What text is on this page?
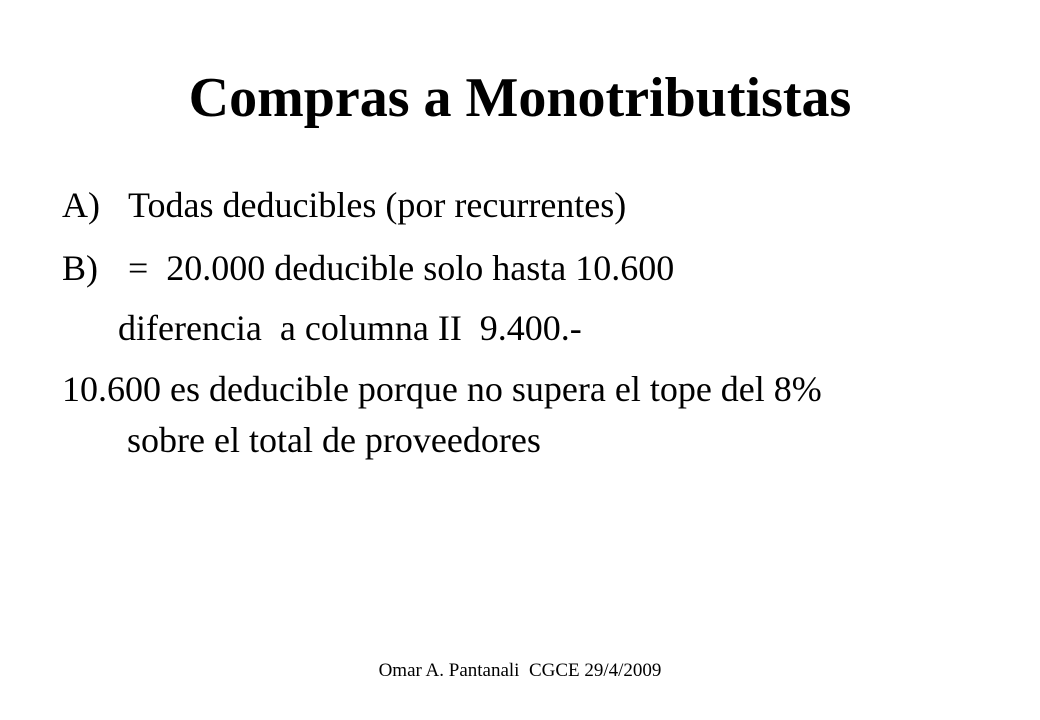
Compras a Monotributistas
A) Todas deducibles (por recurrentes)
B) =  20.000 deducible solo hasta 10.600
diferencia  a columna II  9.400.-
10.600 es deducible porque no supera el tope del 8%
sobre el total de proveedores
Omar A. Pantanali  CGCE 29/4/2009
